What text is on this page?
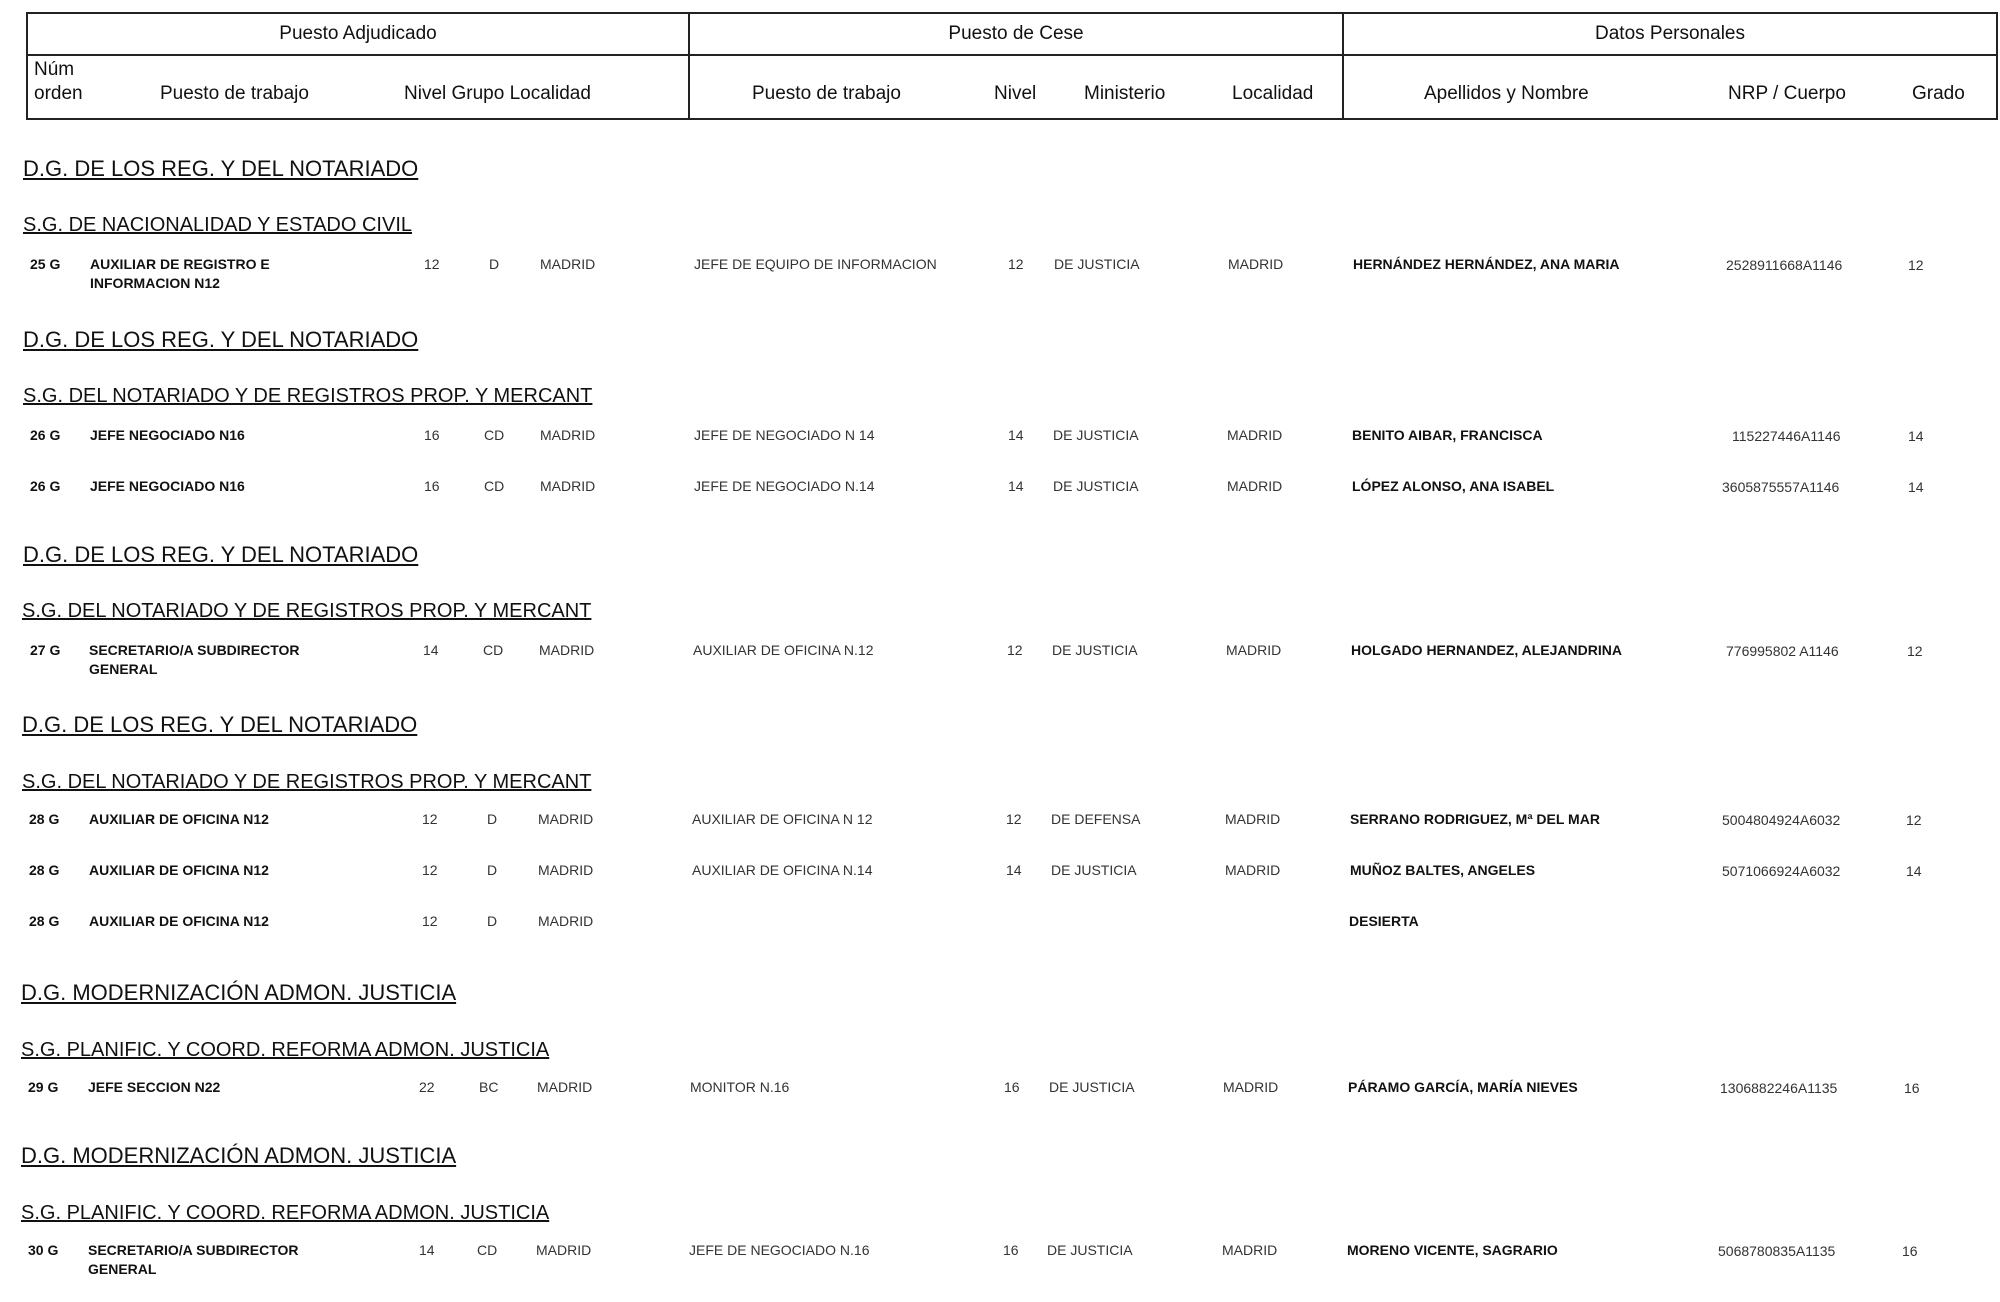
Puesto Adjudicado
Núm
orden	Puesto de trabajo	Nivel Grupo Localidad
Puesto de Cese
Puesto de trabajo	Nivel	Ministerio	Localidad
Datos Personales
Apellidos y Nombre	NRP / Cuerpo	Grado
D.G. DE LOS REG. Y DEL NOTARIADO
S.G. DE NACIONALIDAD Y ESTADO CIVIL
25 G AUXILIAR DE REGISTRO E
INFORMACION N12
12	D	MADRID	JEFE DE EQUIPO DE INFORMACION	12 DE JUSTICIA	MADRID	HERNÁNDEZ HERNÁNDEZ, ANA MARIA	2528911668A1146	12
D.G. DE LOS REG. Y DEL NOTARIADO
S.G. DEL NOTARIADO Y DE REGISTROS PROP. Y MERCANT
26 G JEFE NEGOCIADO N16	16	CD	MADRID	JEFE DE NEGOCIADO N 14	14 DE JUSTICIA	MADRID	BENITO AIBAR, FRANCISCA	115227446A1146	14
26 G JEFE NEGOCIADO N16	16	CD	MADRID	JEFE DE NEGOCIADO N.14	14 DE JUSTICIA	MADRID	LÓPEZ ALONSO, ANA ISABEL	3605875557A1146	14
D.G. DE LOS REG. Y DEL NOTARIADO
S.G. DEL NOTARIADO Y DE REGISTROS PROP. Y MERCANT
27 G SECRETARIO/A SUBDIRECTOR
GENERAL
14	CD	MADRID	AUXILIAR DE OFICINA N.12	12 DE JUSTICIA	MADRID	HOLGADO HERNANDEZ, ALEJANDRINA	776995802 A1146	12
D.G. DE LOS REG. Y DEL NOTARIADO
S.G. DEL NOTARIADO Y DE REGISTROS PROP. Y MERCANT
28 G AUXILIAR DE OFICINA N12	12	D	MADRID	AUXILIAR DE OFICINA N 12	12 DE DEFENSA	MADRID	SERRANO RODRIGUEZ, Mª DEL MAR	5004804924A6032	12
28 G AUXILIAR DE OFICINA N12	12	D	MADRID	AUXILIAR DE OFICINA N.14	14 DE JUSTICIA	MADRID	MUÑOZ BALTES, ANGELES	5071066924A6032	14
28 G AUXILIAR DE OFICINA N12	12	D	MADRID	DESIERTA
D.G. MODERNIZACIÓN ADMON. JUSTICIA
S.G. PLANIFIC. Y COORD. REFORMA ADMON. JUSTICIA
29 G JEFE SECCION N22	22	BC	MADRID	MONITOR N.16	16 DE JUSTICIA	MADRID	PÁRAMO GARCÍA, MARÍA NIEVES	1306882246A1135	16
D.G. MODERNIZACIÓN ADMON. JUSTICIA
S.G. PLANIFIC. Y COORD. REFORMA ADMON. JUSTICIA
30 G SECRETARIO/A SUBDIRECTOR
GENERAL
14	CD	MADRID	JEFE DE NEGOCIADO N.16	16 DE JUSTICIA	MADRID	MORENO VICENTE, SAGRARIO	5068780835A1135	16
